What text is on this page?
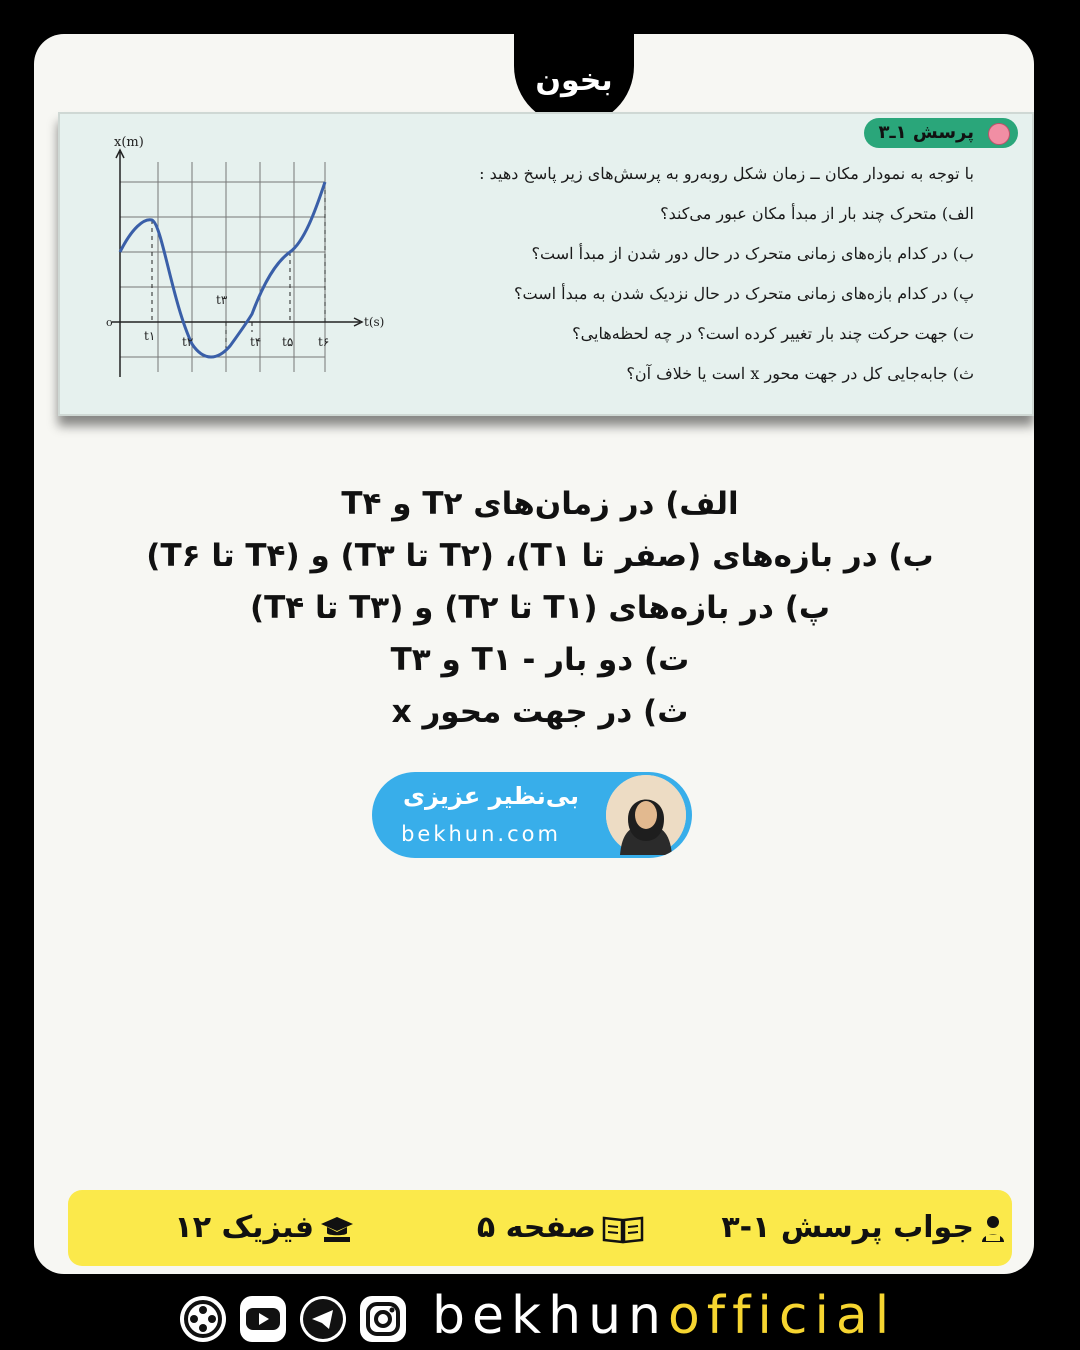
بخون
پرسش ۱ـ۳
x(m)
t(s)
o
t۱ t۲
t۳
t۴ t۵ t۶
با توجه به نمودار مکان ــ زمان شکل روبه‌رو به پرسش‌های زیر پاسخ دهید :
الف) متحرک چند بار از مبدأ مکان عبور می‌کند؟
ب) در کدام بازه‌های زمانی متحرک در حال دور شدن از مبدأ است؟
پ) در کدام بازه‌های زمانی متحرک در حال نزدیک شدن به مبدأ است؟
ت) جهت حرکت چند بار تغییر کرده است؟ در چه لحظه‌هایی؟
ث) جابه‌جایی کل در جهت محور x است یا خلاف آن؟
الف) در زمان‌های T۲ و T۴
ب) در بازه‌های (صفر تا T۱)، (T۲ تا T۳) و (T۴ تا T۶)
پ) در بازه‌های (T۱ تا T۲) و (T۳ تا T۴)
ت) دو بار - T۱ و T۳
ث) در جهت محور x
بی‌نظیر عزیزی
bekhun.com
جواب پرسش ۱-۳
صفحه ۵
فیزیک ۱۲
bekhunofficial
